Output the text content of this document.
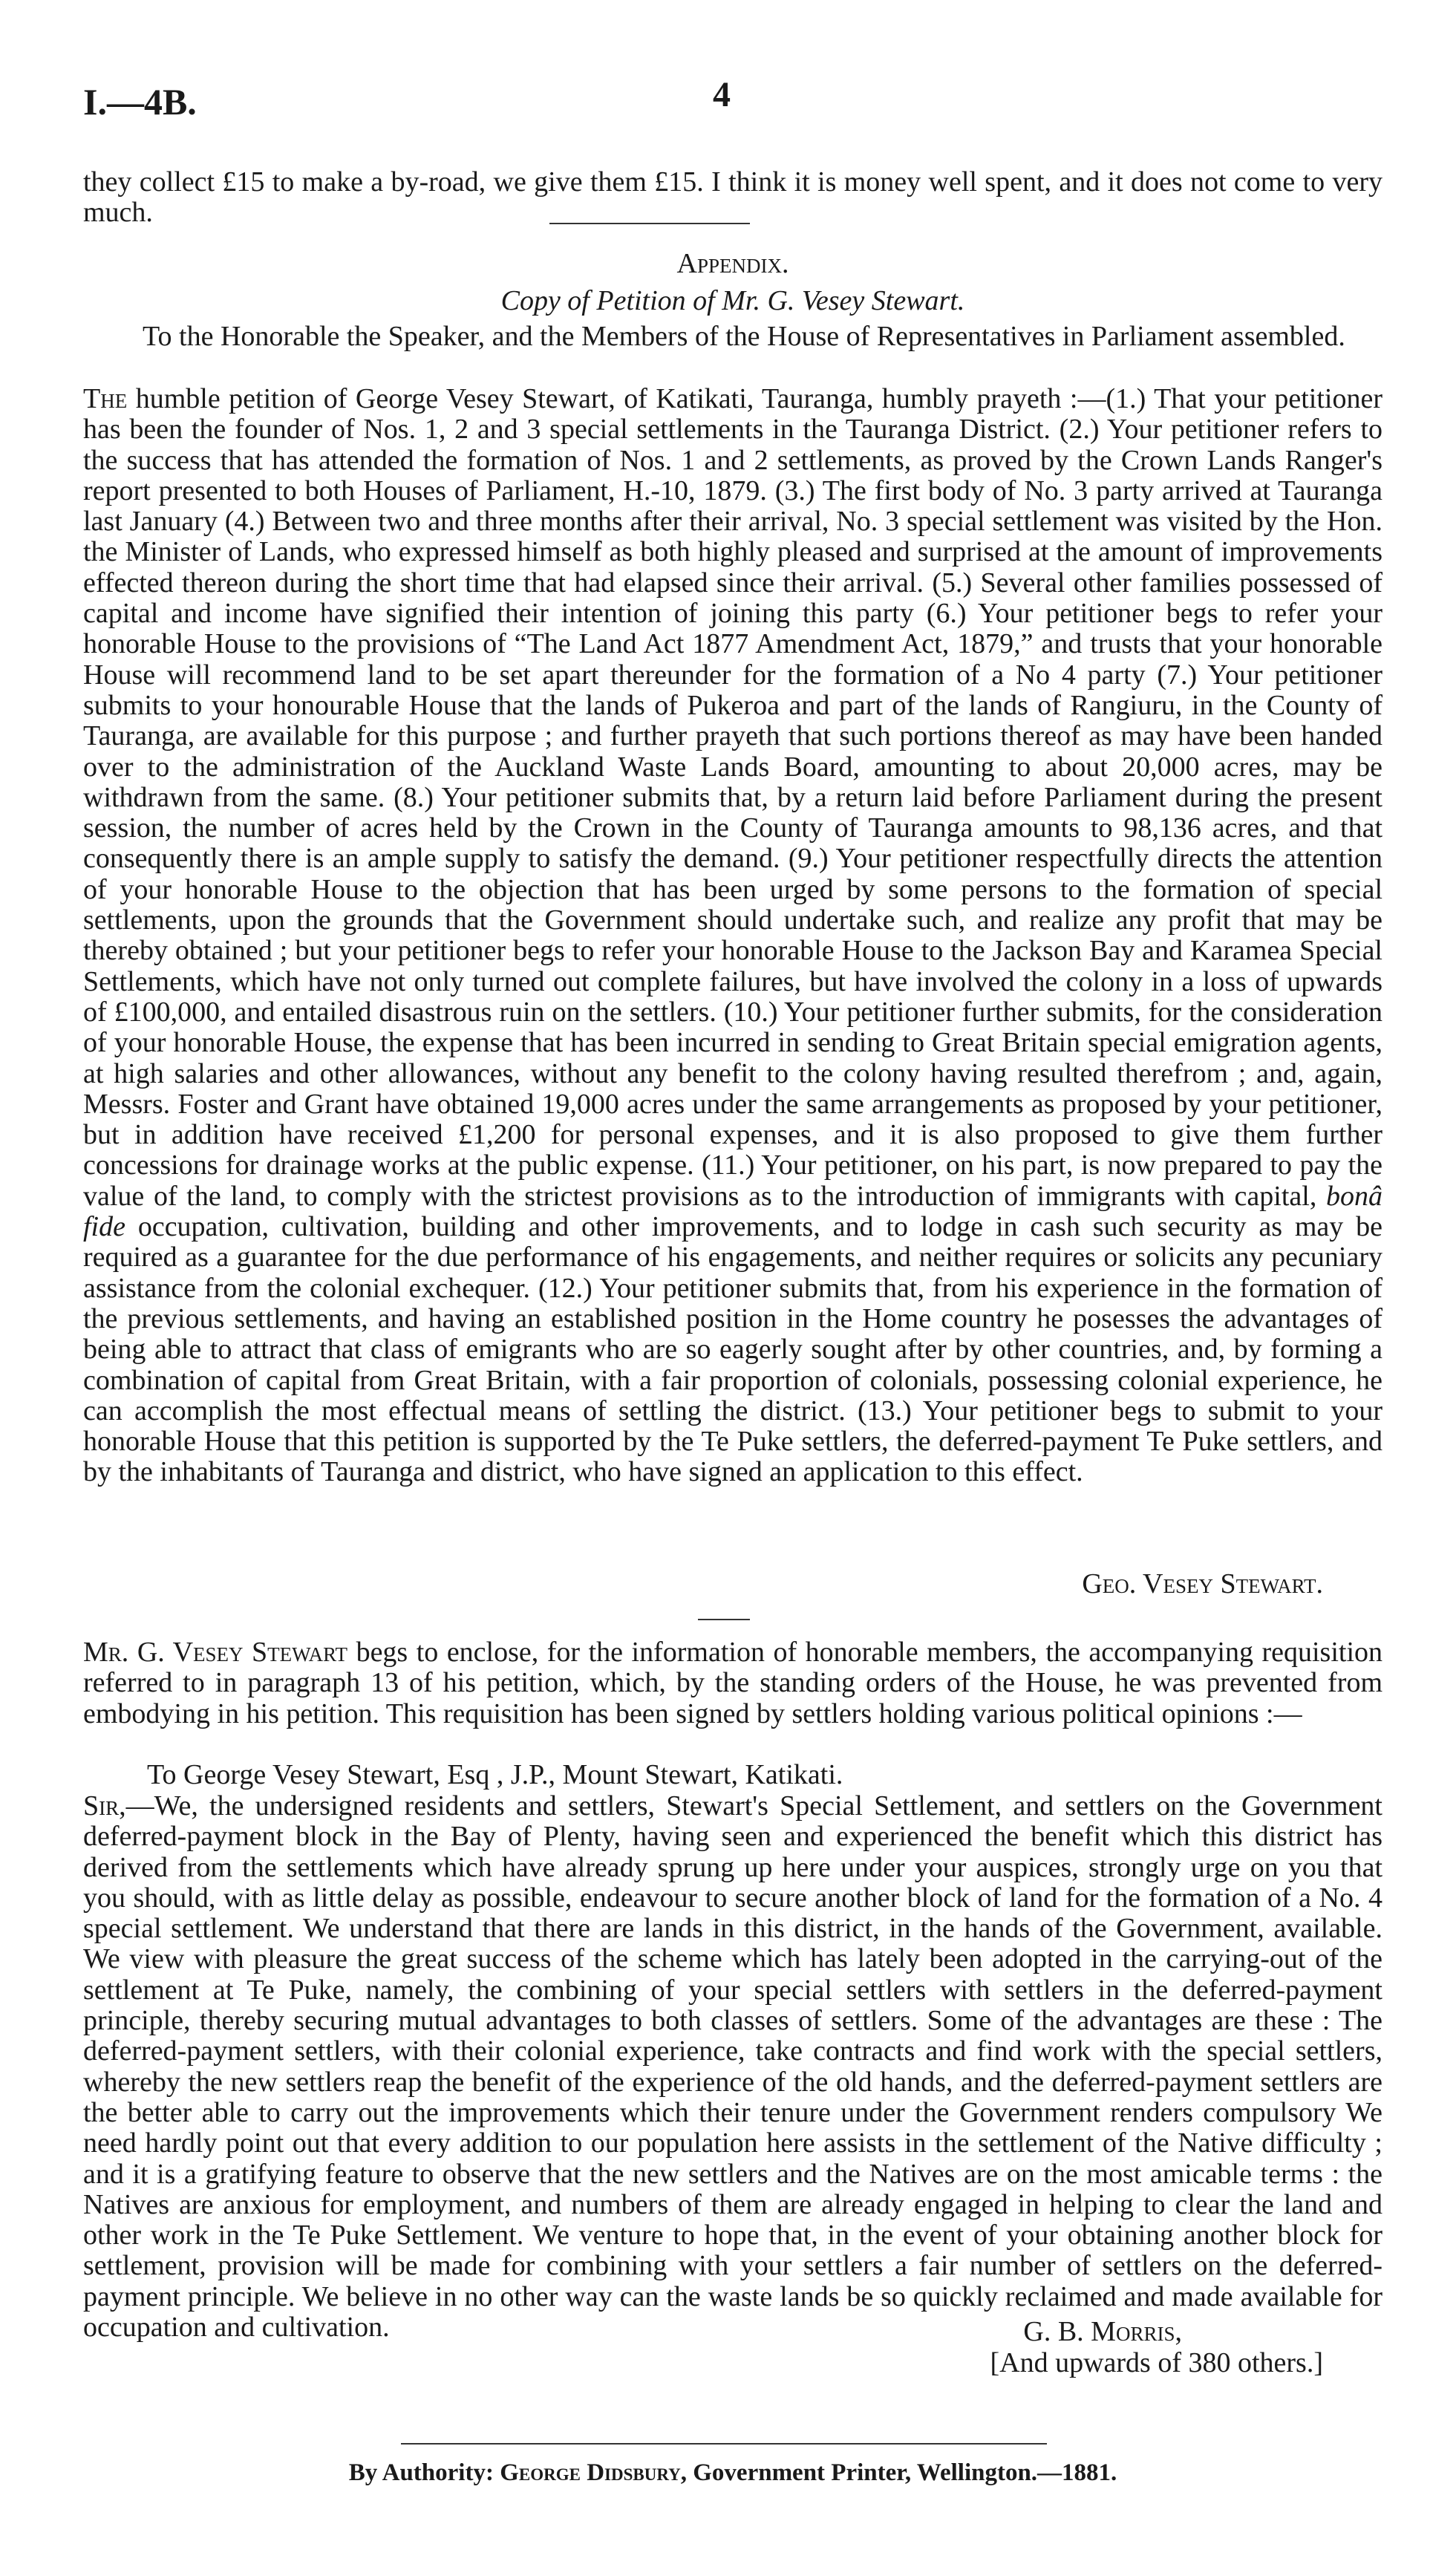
I.—4B.	4
they collect £15 to make a by-road, we give them £15. I think it is money well spent, and it does not come to very much.
Appendix.
Copy of Petition of Mr. G. Vesey Stewart.
To the Honorable the Speaker, and the Members of the House of Representatives in Parliament assembled.
The humble petition of George Vesey Stewart, of Katikati, Tauranga, humbly prayeth :—(1.) That your petitioner has been the founder of Nos. 1, 2 and 3 special settlements in the Tauranga District. (2.) Your petitioner refers to the success that has attended the formation of Nos. 1 and 2 settlements, as proved by the Crown Lands Ranger's report presented to both Houses of Parliament, H.-10, 1879. (3.) The first body of No. 3 party arrived at Tauranga last January (4.) Between two and three months after their arrival, No. 3 special settlement was visited by the Hon. the Minister of Lands, who expressed himself as both highly pleased and surprised at the amount of improvements effected thereon during the short time that had elapsed since their arrival. (5.) Several other families possessed of capital and income have signified their intention of joining this party (6.) Your petitioner begs to refer your honorable House to the provisions of “The Land Act 1877 Amendment Act, 1879,” and trusts that your honorable House will recommend land to be set apart thereunder for the formation of a No 4 party (7.) Your petitioner submits to your honourable House that the lands of Pukeroa and part of the lands of Rangiuru, in the County of Tauranga, are available for this purpose ; and further prayeth that such portions thereof as may have been handed over to the administration of the Auckland Waste Lands Board, amounting to about 20,000 acres, may be withdrawn from the same. (8.) Your petitioner submits that, by a return laid before Parliament during the present session, the number of acres held by the Crown in the County of Tauranga amounts to 98,136 acres, and that consequently there is an ample supply to satisfy the demand. (9.) Your petitioner respectfully directs the attention of your honorable House to the objection that has been urged by some persons to the formation of special settlements, upon the grounds that the Government should undertake such, and realize any profit that may be thereby obtained ; but your petitioner begs to refer your honorable House to the Jackson Bay and Karamea Special Settlements, which have not only turned out complete failures, but have involved the colony in a loss of upwards of £100,000, and entailed disastrous ruin on the settlers. (10.) Your petitioner further submits, for the consideration of your honorable House, the expense that has been incurred in sending to Great Britain special emigration agents, at high salaries and other allowances, without any benefit to the colony having resulted therefrom ; and, again, Messrs. Foster and Grant have obtained 19,000 acres under the same arrangements as proposed by your petitioner, but in addition have received £1,200 for personal expenses, and it is also proposed to give them further concessions for drainage works at the public expense. (11.) Your petitioner, on his part, is now prepared to pay the value of the land, to comply with the strictest provisions as to the introduction of immigrants with capital, bonâ fide occupation, cultivation, building and other improvements, and to lodge in cash such security as may be required as a guarantee for the due performance of his engagements, and neither requires or solicits any pecuniary assistance from the colonial exchequer. (12.) Your petitioner submits that, from his experience in the formation of the previous settlements, and having an established position in the Home country he posesses the advantages of being able to attract that class of emigrants who are so eagerly sought after by other countries, and, by forming a combination of capital from Great Britain, with a fair proportion of colonials, possessing colonial experience, he can accomplish the most effectual means of settling the district. (13.) Your petitioner begs to submit to your honorable House that this petition is supported by the Te Puke settlers, the deferred-payment Te Puke settlers, and by the inhabitants of Tauranga and district, who have signed an application to this effect.
Geo. Vesey Stewart.
Mr. G. Vesey Stewart begs to enclose, for the information of honorable members, the accompanying requisition referred to in paragraph 13 of his petition, which, by the standing orders of the House, he was prevented from embodying in his petition. This requisition has been signed by settlers holding various political opinions :—
To George Vesey Stewart, Esq , J.P., Mount Stewart, Katikati.
Sir,—We, the undersigned residents and settlers, Stewart's Special Settlement, and settlers on the Government deferred-payment block in the Bay of Plenty, having seen and experienced the benefit which this district has derived from the settlements which have already sprung up here under your auspices, strongly urge on you that you should, with as little delay as possible, endeavour to secure another block of land for the formation of a No. 4 special settlement. We understand that there are lands in this district, in the hands of the Government, available. We view with pleasure the great success of the scheme which has lately been adopted in the carrying-out of the settlement at Te Puke, namely, the combining of your special settlers with settlers in the deferred-payment principle, thereby securing mutual advantages to both classes of settlers. Some of the advantages are these : The deferred-payment settlers, with their colonial experience, take contracts and find work with the special settlers, whereby the new settlers reap the benefit of the experience of the old hands, and the deferred-payment settlers are the better able to carry out the improvements which their tenure under the Government renders compulsory We need hardly point out that every addition to our population here assists in the settlement of the Native difficulty ; and it is a gratifying feature to observe that the new settlers and the Natives are on the most amicable terms : the Natives are anxious for employment, and numbers of them are already engaged in helping to clear the land and other work in the Te Puke Settlement. We venture to hope that, in the event of your obtaining another block for settlement, provision will be made for combining with your settlers a fair number of settlers on the deferred-payment principle. We believe in no other way can the waste lands be so quickly reclaimed and made available for occupation and cultivation.	G. B. Morris,
[And upwards of 380 others.]
By Authority: George Didsbury, Government Printer, Wellington.—1881.
